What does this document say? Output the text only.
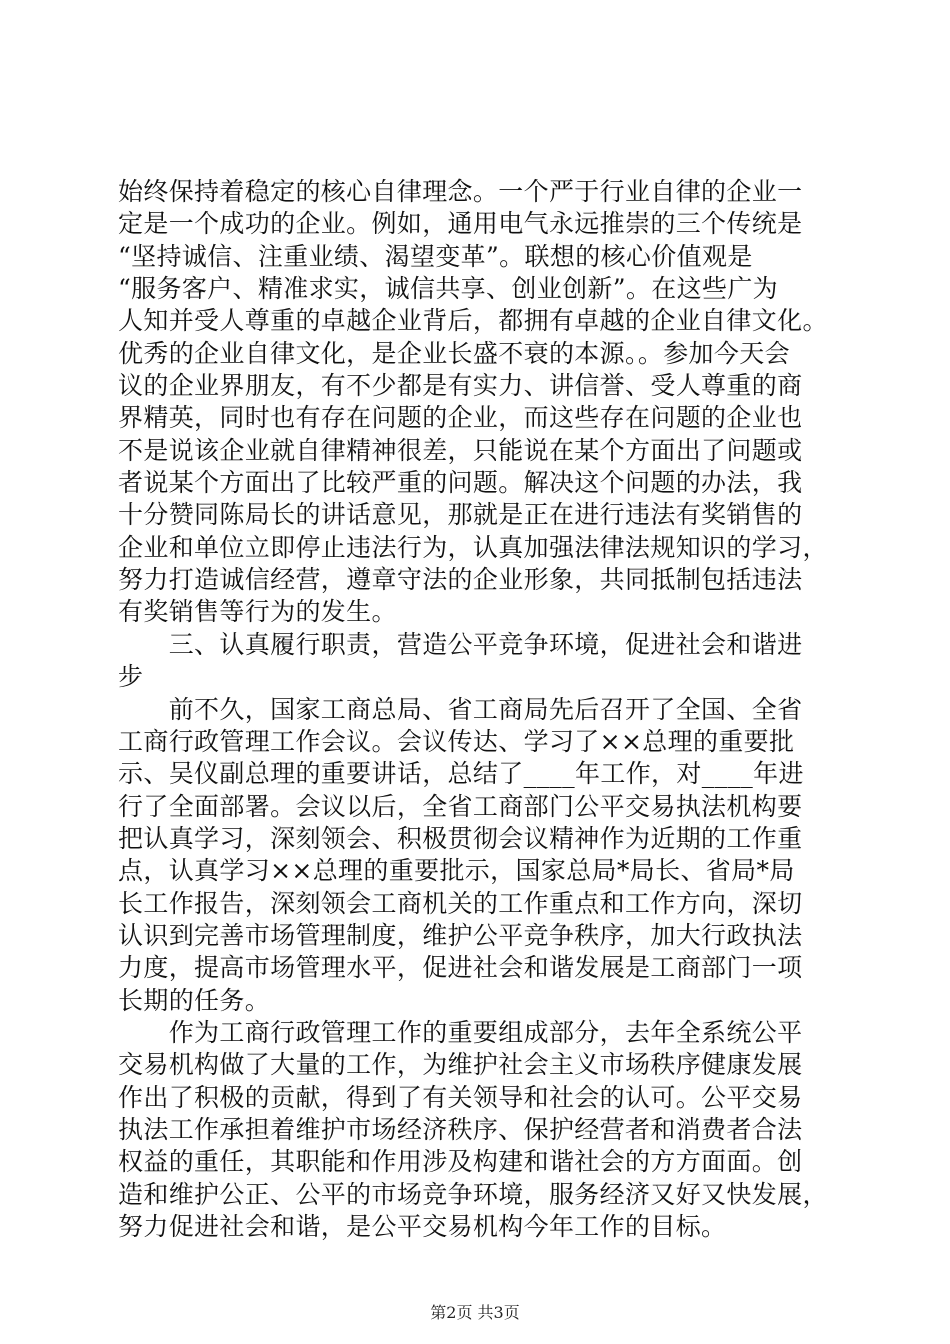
始终保持着稳定的核心自律理念。一个严于行业自律的企业一
定是一个成功的企业。例如，通用电气永远推崇的三个传统是
“坚持诚信、注重业绩、渴望变革”。联想的核心价值观是
“服务客户、精准求实，诚信共享、创业创新”。在这些广为
人知并受人尊重的卓越企业背后，都拥有卓越的企业自律文化。
优秀的企业自律文化，是企业长盛不衰的本源。。参加今天会
议的企业界朋友，有不少都是有实力、讲信誉、受人尊重的商
界精英，同时也有存在问题的企业，而这些存在问题的企业也
不是说该企业就自律精神很差，只能说在某个方面出了问题或
者说某个方面出了比较严重的问题。解决这个问题的办法，我
十分赞同陈局长的讲话意见，那就是正在进行违法有奖销售的
企业和单位立即停止违法行为，认真加强法律法规知识的学习，
努力打造诚信经营，遵章守法的企业形象，共同抵制包括违法
有奖销售等行为的发生。
　　三、认真履行职责，营造公平竞争环境，促进社会和谐进
步
　　前不久，国家工商总局、省工商局先后召开了全国、全省
工商行政管理工作会议。会议传达、学习了××总理的重要批
示、吴仪副总理的重要讲话，总结了____年工作，对____年进
行了全面部署。会议以后，全省工商部门公平交易执法机构要
把认真学习，深刻领会、积极贯彻会议精神作为近期的工作重
点，认真学习××总理的重要批示，国家总局*局长、省局*局
长工作报告，深刻领会工商机关的工作重点和工作方向，深切
认识到完善市场管理制度，维护公平竞争秩序，加大行政执法
力度，提高市场管理水平，促进社会和谐发展是工商部门一项
长期的任务。
　　作为工商行政管理工作的重要组成部分，去年全系统公平
交易机构做了大量的工作，为维护社会主义市场秩序健康发展
作出了积极的贡献，得到了有关领导和社会的认可。公平交易
执法工作承担着维护市场经济秩序、保护经营者和消费者合法
权益的重任，其职能和作用涉及构建和谐社会的方方面面。创
造和维护公正、公平的市场竞争环境，服务经济又好又快发展，
努力促进社会和谐，是公平交易机构今年工作的目标。
第2页 共3页
